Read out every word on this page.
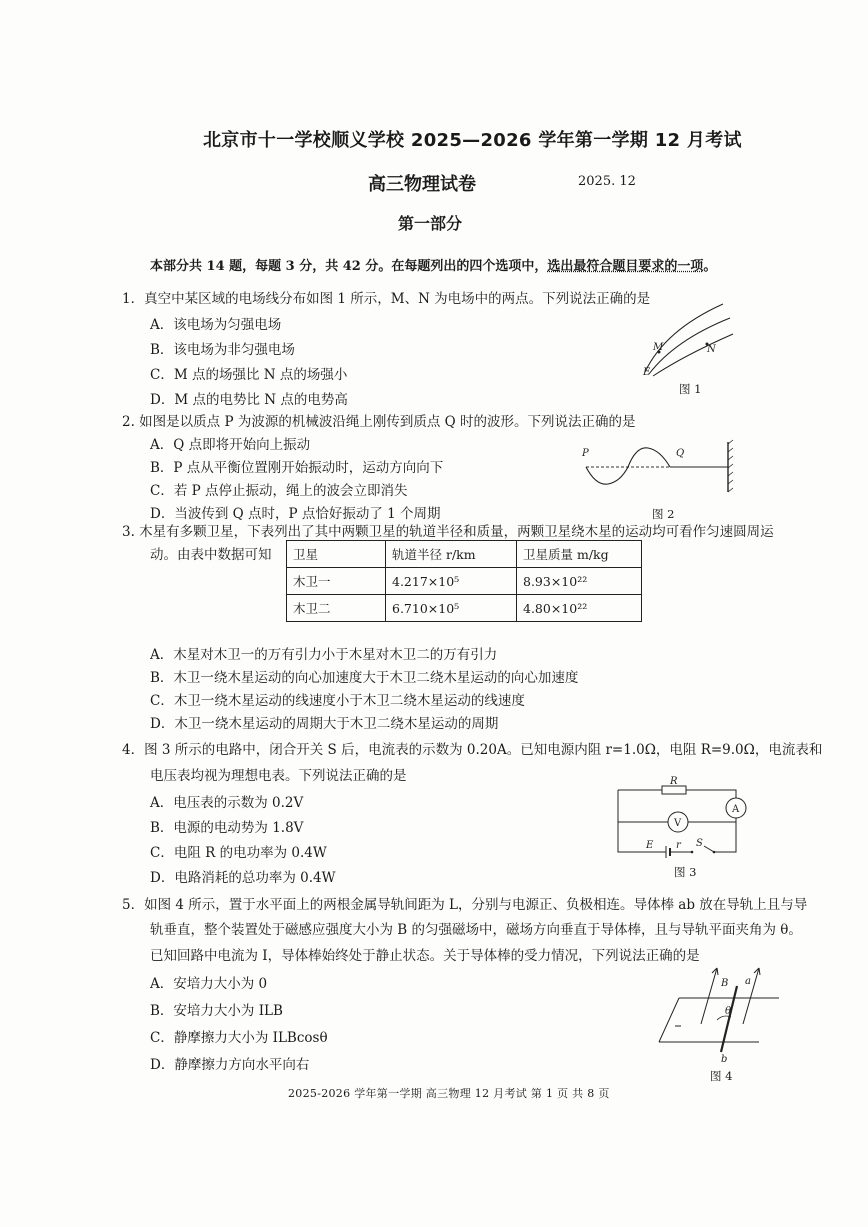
北京市十一学校顺义学校 2025—2026 学年第一学期 12 月考试
高三物理试卷	2025. 12
第一部分
本部分共 14 题，每题 3 分，共 42 分。在每题列出的四个选项中，选出最符合题目要求的一项。
1．真空中某区域的电场线分布如图 1 所示，M、N 为电场中的两点。下列说法正确的是
A．该电场为匀强电场
B．该电场为非匀强电场
C．M 点的场强比 N 点的场强小
D．M 点的电势比 N 点的电势高
M	N
E
图 1
2. 如图是以质点 P 为波源的机械波沿绳上刚传到质点 Q 时的波形。下列说法正确的是
A．Q 点即将开始向上振动
B．P 点从平衡位置刚开始振动时，运动方向向下
C．若 P 点停止振动，绳上的波会立即消失
D．当波传到 Q 点时，P 点恰好振动了 1 个周期
P	Q
图 2
3. 木星有多颗卫星，下表列出了其中两颗卫星的轨道半径和质量，两颗卫星绕木星的运动均可看作匀速圆周运
动。由表中数据可知 卫星	轨道半径 r/km	卫星质量 m/kg
木卫一	4.217×10⁵	8.93×10²²
木卫二	6.710×10⁵	4.80×10²²
A．木星对木卫一的万有引力小于木星对木卫二的万有引力
B．木卫一绕木星运动的向心加速度大于木卫二绕木星运动的向心加速度
C．木卫一绕木星运动的线速度小于木卫二绕木星运动的线速度
D．木卫一绕木星运动的周期大于木卫二绕木星运动的周期
4．图 3 所示的电路中，闭合开关 S 后，电流表的示数为 0.20A。已知电源内阻 r=1.0Ω，电阻 R=9.0Ω，电流表和
电压表均视为理想电表。下列说法正确的是
A．电压表的示数为 0.2V
B．电源的电动势为 1.8V
C．电阻 R 的电功率为 0.4W
D．电路消耗的总功率为 0.4W
R
A
V
E r S
图 3
5．如图 4 所示，置于水平面上的两根金属导轨间距为 L，分别与电源正、负极相连。导体棒 ab 放在导轨上且与导
轨垂直，整个装置处于磁感应强度大小为 B 的匀强磁场中，磁场方向垂直于导体棒，且与导轨平面夹角为 θ。
已知回路中电流为 I，导体棒始终处于静止状态。关于导体棒的受力情况，下列说法正确的是
A．安培力大小为 0
B．安培力大小为 ILB
C．静摩擦力大小为 ILBcosθ
D．静摩擦力方向水平向右
B a
θ
b
图 4
2025-2026 学年第一学期 高三物理 12 月考试 第 1 页 共 8 页
